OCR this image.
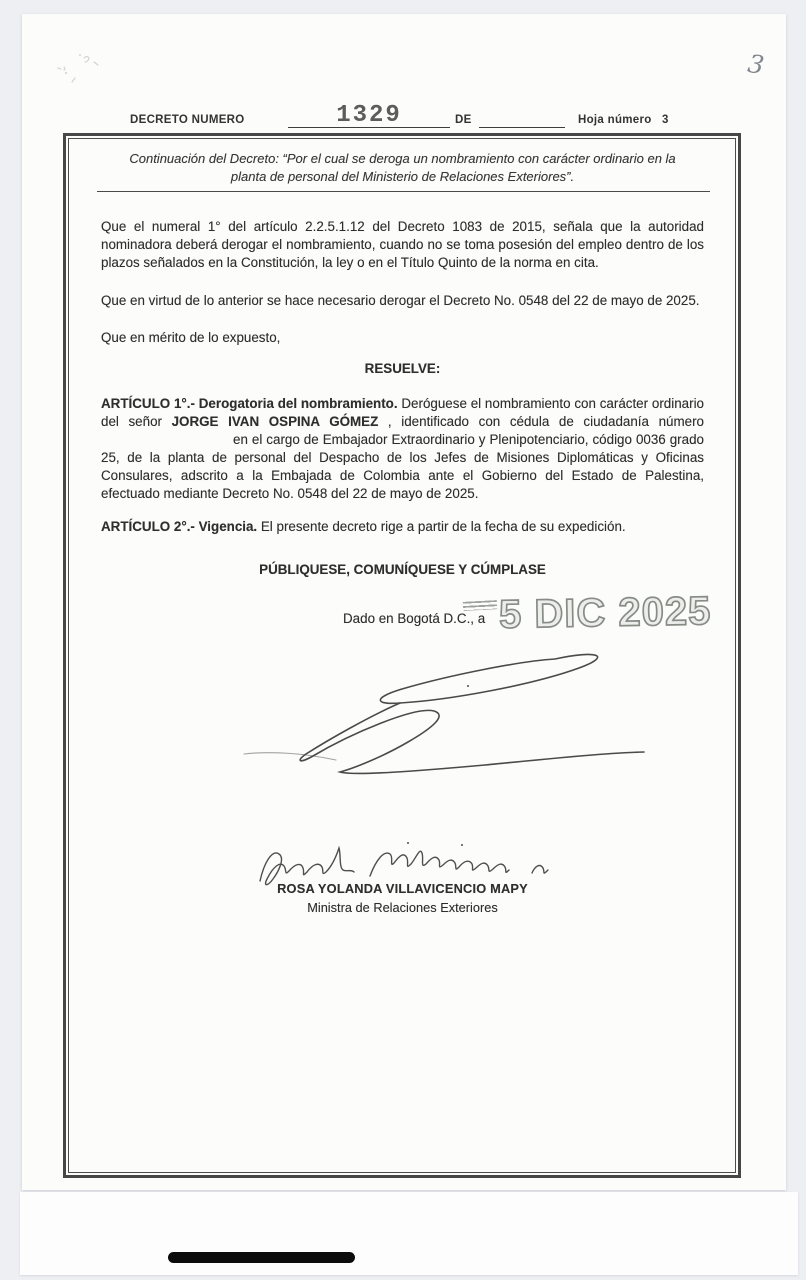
3
DECRETO NUMERO	1329	DE	Hoja número 3

Continuación del Decreto: “Por el cual se deroga un nombramiento con carácter ordinario en la planta de personal del Ministerio de Relaciones Exteriores”.

Que el numeral 1° del artículo 2.2.5.1.12 del Decreto 1083 de 2015, señala que la autoridad nominadora deberá derogar el nombramiento, cuando no se toma posesión del empleo dentro de los plazos señalados en la Constitución, la ley o en el Título Quinto de la norma en cita.

Que en virtud de lo anterior se hace necesario derogar el Decreto No. 0548 del 22 de mayo de 2025.

Que en mérito de lo expuesto,

RESUELVE:

ARTÍCULO 1°.- Derogatoria del nombramiento. Deróguese el nombramiento con carácter ordinario del señor JORGE IVAN OSPINA GÓMEZ , identificado con cédula de ciudadanía número  en el cargo de Embajador Extraordinario y Plenipotenciario, código 0036 grado 25, de la planta de personal del Despacho de los Jefes de Misiones Diplomáticas y Oficinas Consulares, adscrito a la Embajada de Colombia ante el Gobierno del Estado de Palestina, efectuado mediante Decreto No. 0548 del 22 de mayo de 2025.

ARTÍCULO 2°.- Vigencia. El presente decreto rige a partir de la fecha de su expedición.

PÚBLIQUESE, COMUNÍQUESE Y CÚMPLASE

Dado en Bogotá D.C., a 5 DIC 2025
ROSA YOLANDA VILLAVICENCIO MAPY
Ministra de Relaciones Exteriores
